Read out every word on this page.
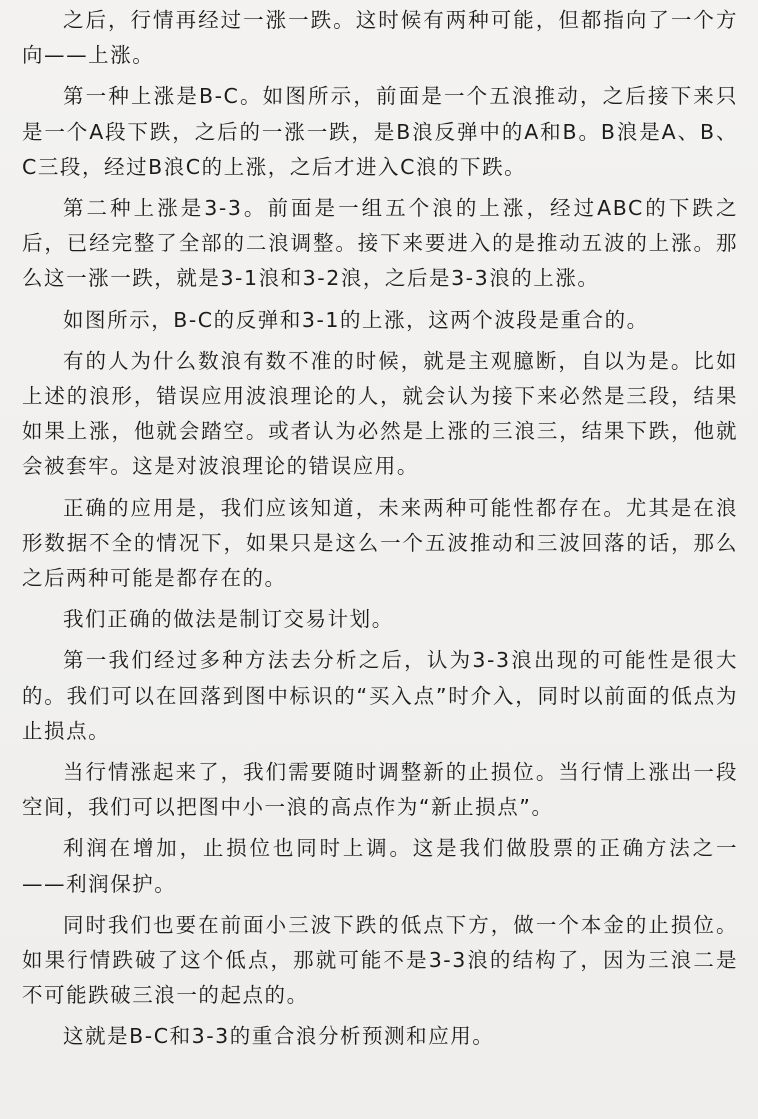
之后，行情再经过一涨一跌。这时候有两种可能，但都指向了一个方向——上涨。

第一种上涨是B-C。如图所示，前面是一个五浪推动，之后接下来只是一个A段下跌，之后的一涨一跌，是B浪反弹中的A和B。B浪是A、B、C三段，经过B浪C的上涨，之后才进入C浪的下跌。

第二种上涨是3-3。前面是一组五个浪的上涨，经过ABC的下跌之后，已经完整了全部的二浪调整。接下来要进入的是推动五波的上涨。那么这一涨一跌，就是3-1浪和3-2浪，之后是3-3浪的上涨。

如图所示，B-C的反弹和3-1的上涨，这两个波段是重合的。

有的人为什么数浪有数不准的时候，就是主观臆断，自以为是。比如上述的浪形，错误应用波浪理论的人，就会认为接下来必然是三段，结果如果上涨，他就会踏空。或者认为必然是上涨的三浪三，结果下跌，他就会被套牢。这是对波浪理论的错误应用。

正确的应用是，我们应该知道，未来两种可能性都存在。尤其是在浪形数据不全的情况下，如果只是这么一个五波推动和三波回落的话，那么之后两种可能是都存在的。

我们正确的做法是制订交易计划。

第一我们经过多种方法去分析之后，认为3-3浪出现的可能性是很大的。我们可以在回落到图中标识的“买入点”时介入，同时以前面的低点为止损点。

当行情涨起来了，我们需要随时调整新的止损位。当行情上涨出一段空间，我们可以把图中小一浪的高点作为“新止损点”。

利润在增加，止损位也同时上调。这是我们做股票的正确方法之一——利润保护。

同时我们也要在前面小三波下跌的低点下方，做一个本金的止损位。如果行情跌破了这个低点，那就可能不是3-3浪的结构了，因为三浪二是不可能跌破三浪一的起点的。

这就是B-C和3-3的重合浪分析预测和应用。
